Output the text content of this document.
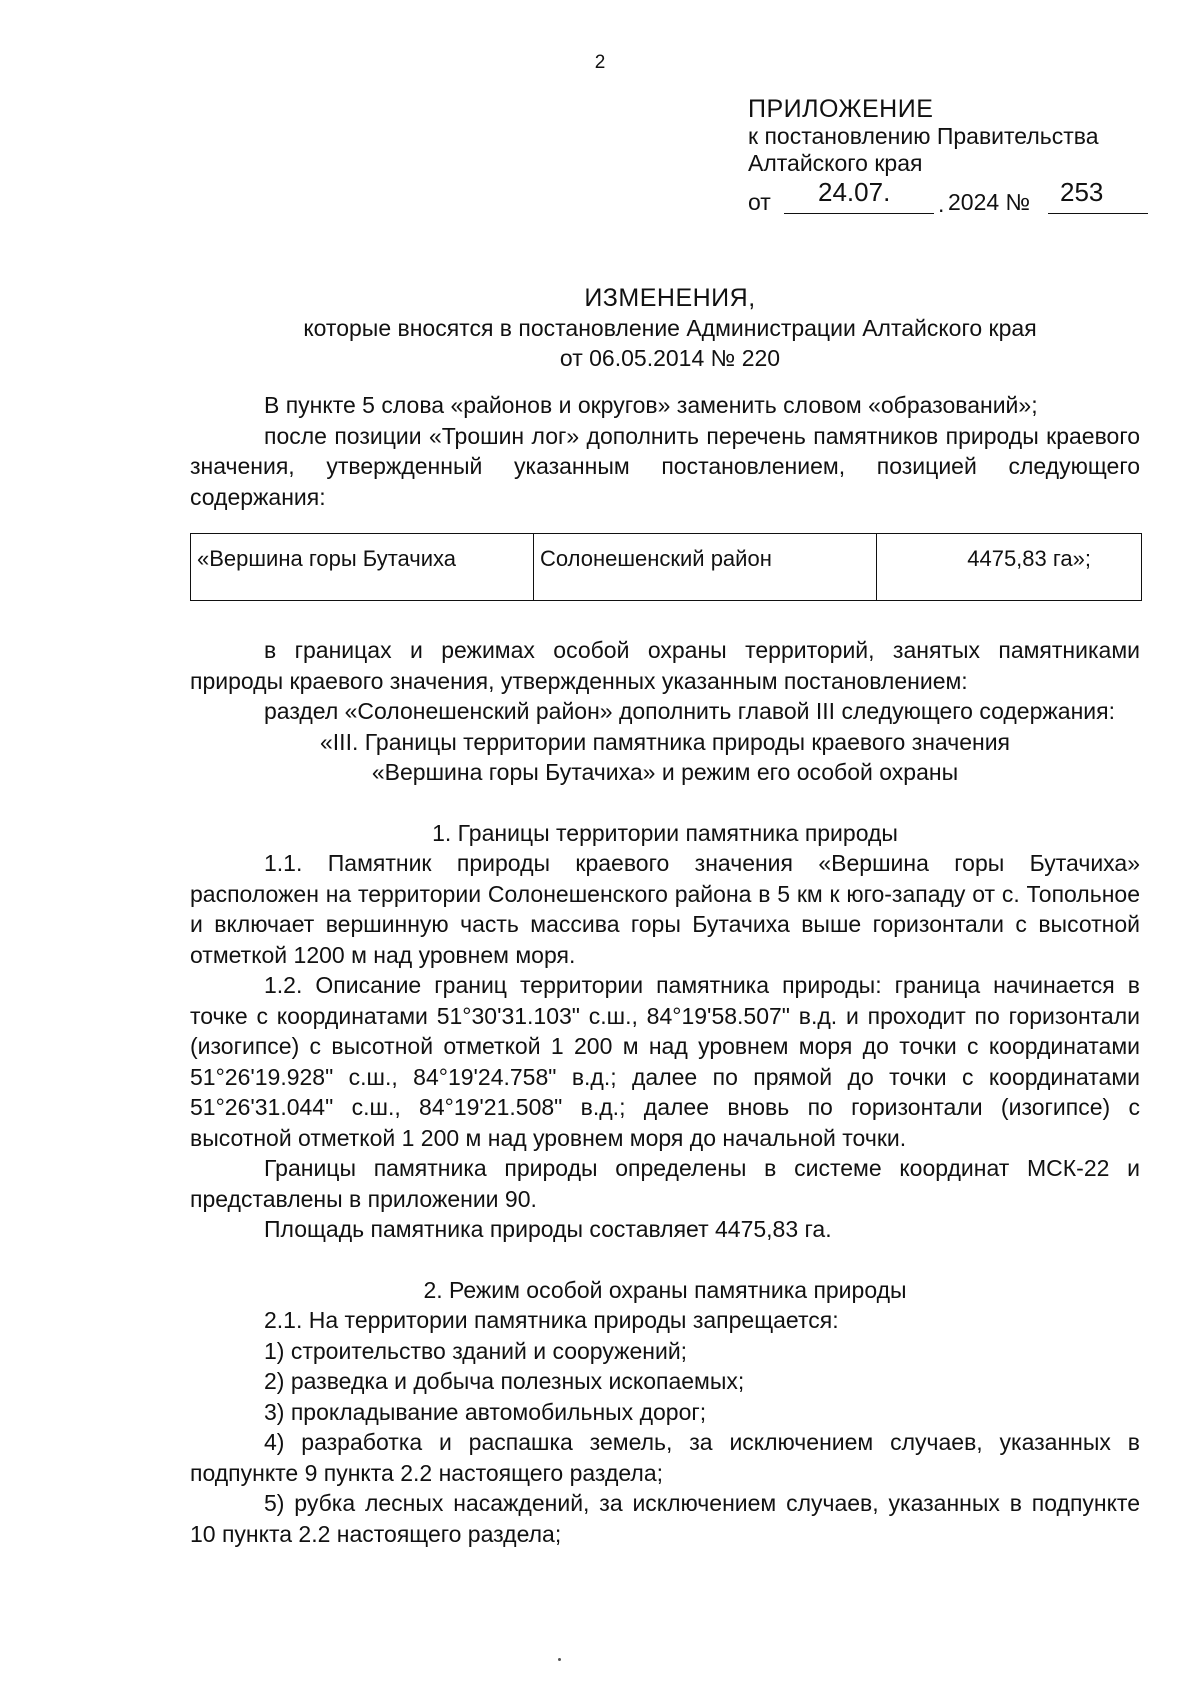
2
ПРИЛОЖЕНИЕ
к постановлению Правительства
Алтайского края
от 24.07. . 2024 № 253
ИЗМЕНЕНИЯ,
которые вносятся в постановление Администрации Алтайского края
от 06.05.2014 № 220

В пункте 5 слова «районов и округов» заменить словом «образований»;

после позиции «Трошин лог» дополнить перечень памятников природы краевого значения, утвержденный указанным постановлением, позицией следующего содержания:

«Вершина горы Бутачиха	Солонешенский район	4475,83 га»;

в границах и режимах особой охраны территорий, занятых памятниками природы краевого значения, утвержденных указанным постановлением:

раздел «Солонешенский район» дополнить главой III следующего содержания:

«III. Границы территории памятника природы краевого значения

«Вершина горы Бутачиха» и режим его особой охраны

1. Границы территории памятника природы

1.1. Памятник природы краевого значения «Вершина горы Бутачиха» расположен на территории Солонешенского района в 5 км к юго-западу от с. Топольное и включает вершинную часть массива горы Бутачиха выше горизонтали с высотной отметкой 1200 м над уровнем моря.

1.2. Описание границ территории памятника природы: граница начинается в точке с координатами 51°30'31.103" с.ш., 84°19'58.507" в.д. и проходит по горизонтали (изогипсе) с высотной отметкой 1 200 м над уровнем моря до точки с координатами 51°26'19.928" с.ш., 84°19'24.758" в.д.; далее по прямой до точки с координатами 51°26'31.044" с.ш., 84°19'21.508" в.д.; далее вновь по горизонтали (изогипсе) с высотной отметкой 1 200 м над уровнем моря до начальной точки.

Границы памятника природы определены в системе координат МСК-22 и представлены в приложении 90.

Площадь памятника природы составляет 4475,83 га.

2. Режим особой охраны памятника природы

2.1. На территории памятника природы запрещается:

1) строительство зданий и сооружений;

2) разведка и добыча полезных ископаемых;

3) прокладывание автомобильных дорог;

4) разработка и распашка земель, за исключением случаев, указанных в подпункте 9 пункта 2.2 настоящего раздела;

5) рубка лесных насаждений, за исключением случаев, указанных в подпункте 10 пункта 2.2 настоящего раздела;
